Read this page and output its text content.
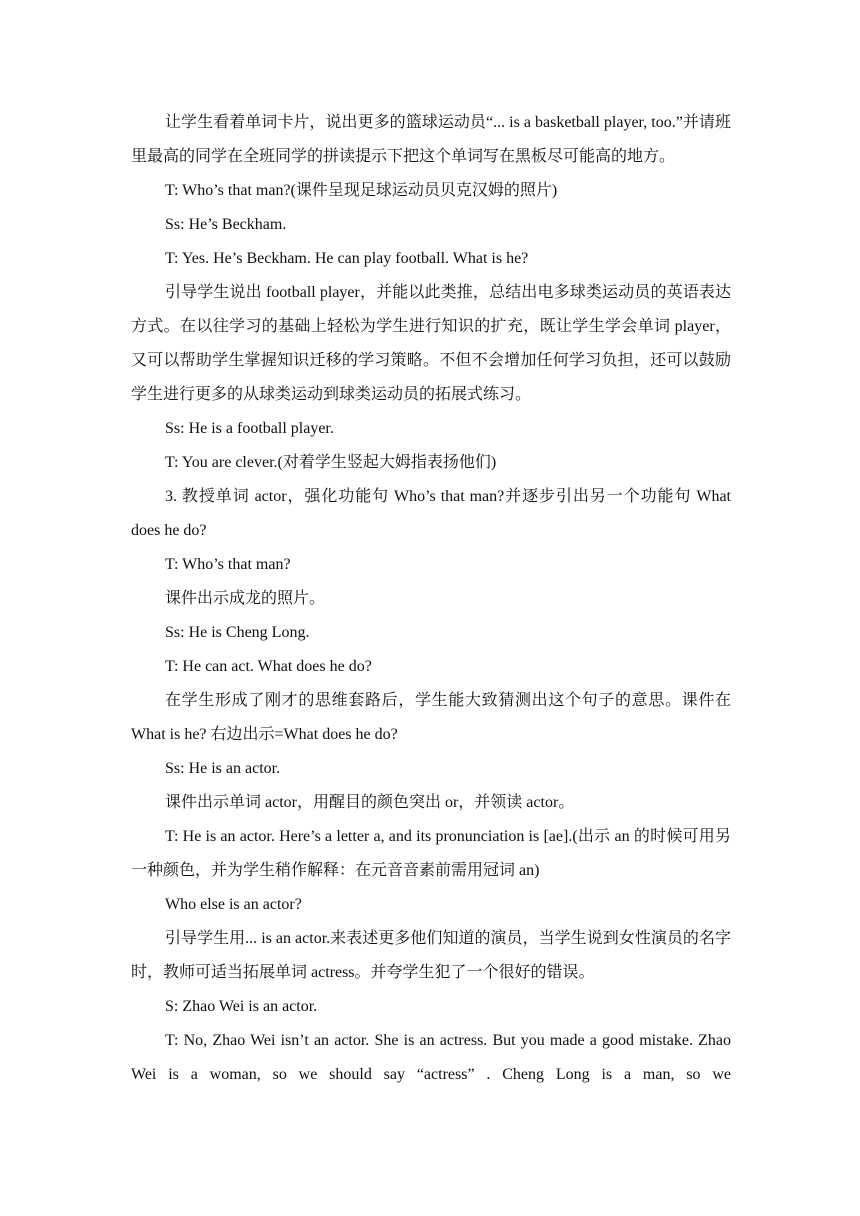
让学生看着单词卡片，说出更多的篮球运动员“... is a basketball player, too.”并请班里最高的同学在全班同学的拼读提示下把这个单词写在黑板尽可能高的地方。

T: Who’s that man?(课件呈现足球运动员贝克汉姆的照片)

Ss: He’s Beckham.

T: Yes. He’s Beckham. He can play football. What is he?

引导学生说出 football player，并能以此类推，总结出电多球类运动员的英语表达方式。在以往学习的基础上轻松为学生进行知识的扩充，既让学生学会单词 player，又可以帮助学生掌握知识迁移的学习策略。不但不会增加任何学习负担，还可以鼓励学生进行更多的从球类运动到球类运动员的拓展式练习。

Ss: He is a football player.

T: You are clever.(对着学生竖起大姆指表扬他们)

3. 教授单词 actor，强化功能句 Who’s that man?并逐步引出另一个功能句 What does he do?

T: Who’s that man?

课件出示成龙的照片。

Ss: He is Cheng Long.

T: He can act. What does he do?

在学生形成了刚才的思维套路后，学生能大致猜测出这个句子的意思。课件在 What is he? 右边出示=What does he do?

Ss: He is an actor.

课件出示单词 actor，用醒目的颜色突出 or，并领读 actor。

T: He is an actor. Here’s a letter a, and its pronunciation is [ae].(出示 an 的时候可用另一种颜色，并为学生稍作解释：在元音音素前需用冠词 an)

Who else is an actor?

引导学生用... is an actor.来表述更多他们知道的演员，当学生说到女性演员的名字时，教师可适当拓展单词 actress。并夸学生犯了一个很好的错误。

S: Zhao Wei is an actor.

T: No, Zhao Wei isn’t an actor. She is an actress. But you made a good mistake. Zhao Wei is a woman, so we should say “actress” . Cheng Long is a man, so we
